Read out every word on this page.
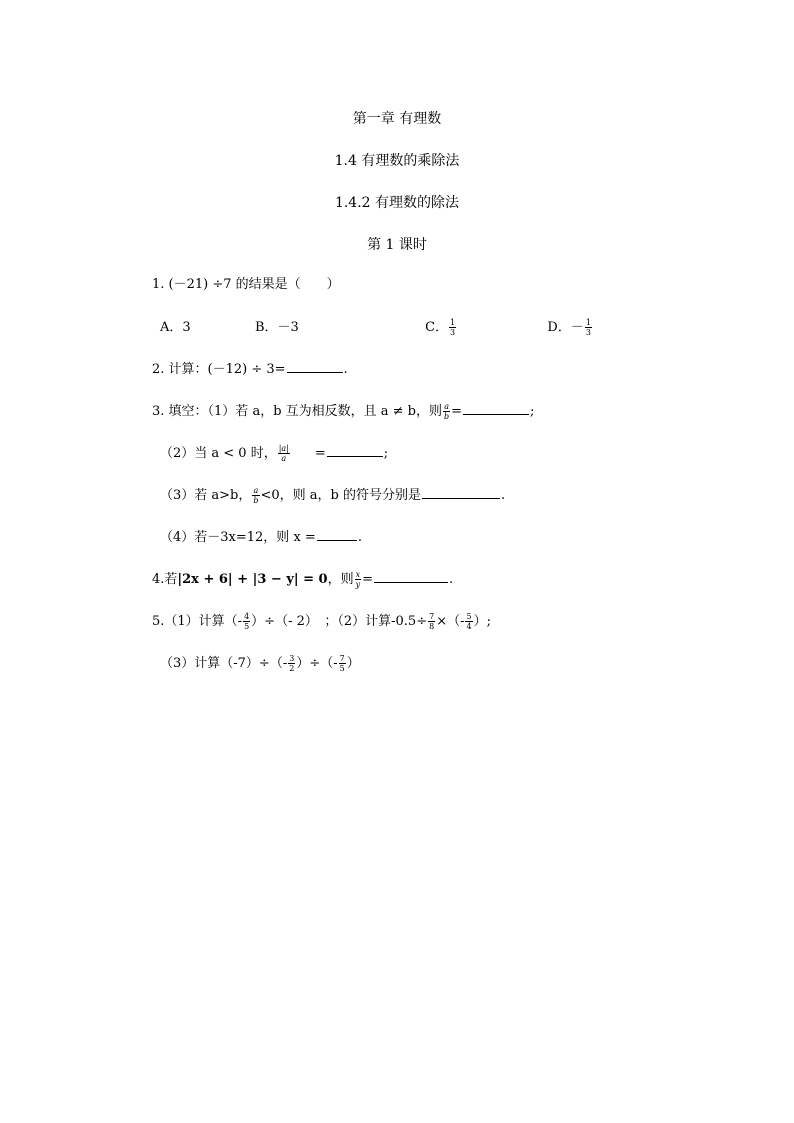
第一章 有理数
1.4 有理数的乘除法
1.4.2 有理数的除法
第 1 课时
1. (－21) ÷7 的结果是（　　）
A．3	B．－3	C． $\frac{1}{3}$	D．－ $\frac{1}{3}$
2. 计算：(－12) ÷ 3=	.
3. 填空：（1）若 a，b 互为相反数，且 a ≠ b，则 $\frac{a}{b}$ =	;
（2）当 a < 0 时， $\frac{|a|}{a}$ =	;
（3）若 a>b， $\frac{a}{b} <0$，则 a，b 的符号分别是	.
（4）若－3x=12，则 x =	.
4.若|2x + 6| + |3 − y| = 0，则 $\frac{x}{y}$ =	.
5.（1）计算（- $\frac{4}{5}$ ）÷（- 2）　；（2）计算$-0.5\div \frac{7}{8}$ ×（- $\frac{5}{4}$ ）;
（3）计算$(-7)\div(- \frac{3}{2}$ ）÷（- $\frac{7}{5}$ ）
